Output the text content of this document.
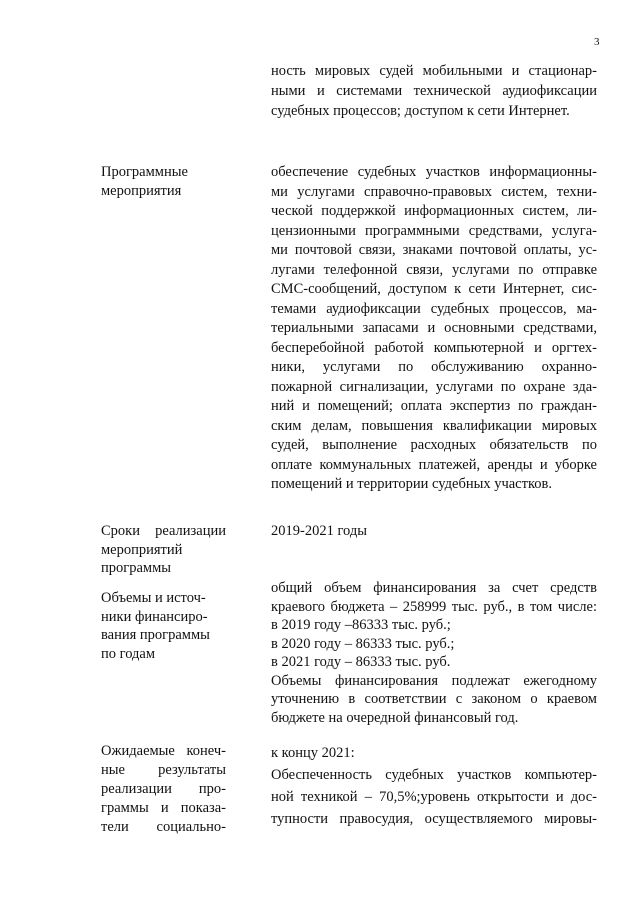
3
ность мировых судей мобильными и стационар-
ными и системами технической аудиофиксации
судебных процессов; доступом к сети Интернет.
Программные
мероприятия
обеспечение судебных участков информационны-
ми услугами справочно-правовых систем, техни-
ческой поддержкой информационных систем, ли-
цензионными программными средствами, услуга-
ми почтовой связи, знаками почтовой оплаты, ус-
лугами телефонной связи, услугами по отправке
СМС-сообщений, доступом к сети Интернет, сис-
темами аудиофиксации судебных процессов, ма-
териальными запасами и основными средствами,
бесперебойной работой компьютерной и оргтех-
ники, услугами по обслуживанию охранно-
пожарной сигнализации, услугами по охране зда-
ний и помещений; оплата экспертиз по граждан-
ским делам, повышения квалификации мировых
судей, выполнение расходных обязательств по
оплате коммунальных платежей, аренды и уборке
помещений и территории судебных участков.
Сроки реализации
мероприятий
программы
2019-2021 годы
Объемы и источ-
ники финансиро-
вания программы
по годам
общий объем финансирования за счет средств
краевого бюджета – 258999 тыс. руб., в том числе:
в 2019 году –86333 тыс. руб.;
в 2020 году – 86333 тыс. руб.;
в 2021 году – 86333 тыс. руб.
Объемы финансирования подлежат ежегодному
уточнению в соответствии с законом о краевом
бюджете на очередной финансовый год.
Ожидаемые конеч-
ные результаты
реализации про-
граммы и показа-
тели социально-
к концу 2021:
Обеспеченность судебных участков компьютер-
ной техникой – 70,5%;уровень открытости и дос-
тупности правосудия, осуществляемого мировы-
